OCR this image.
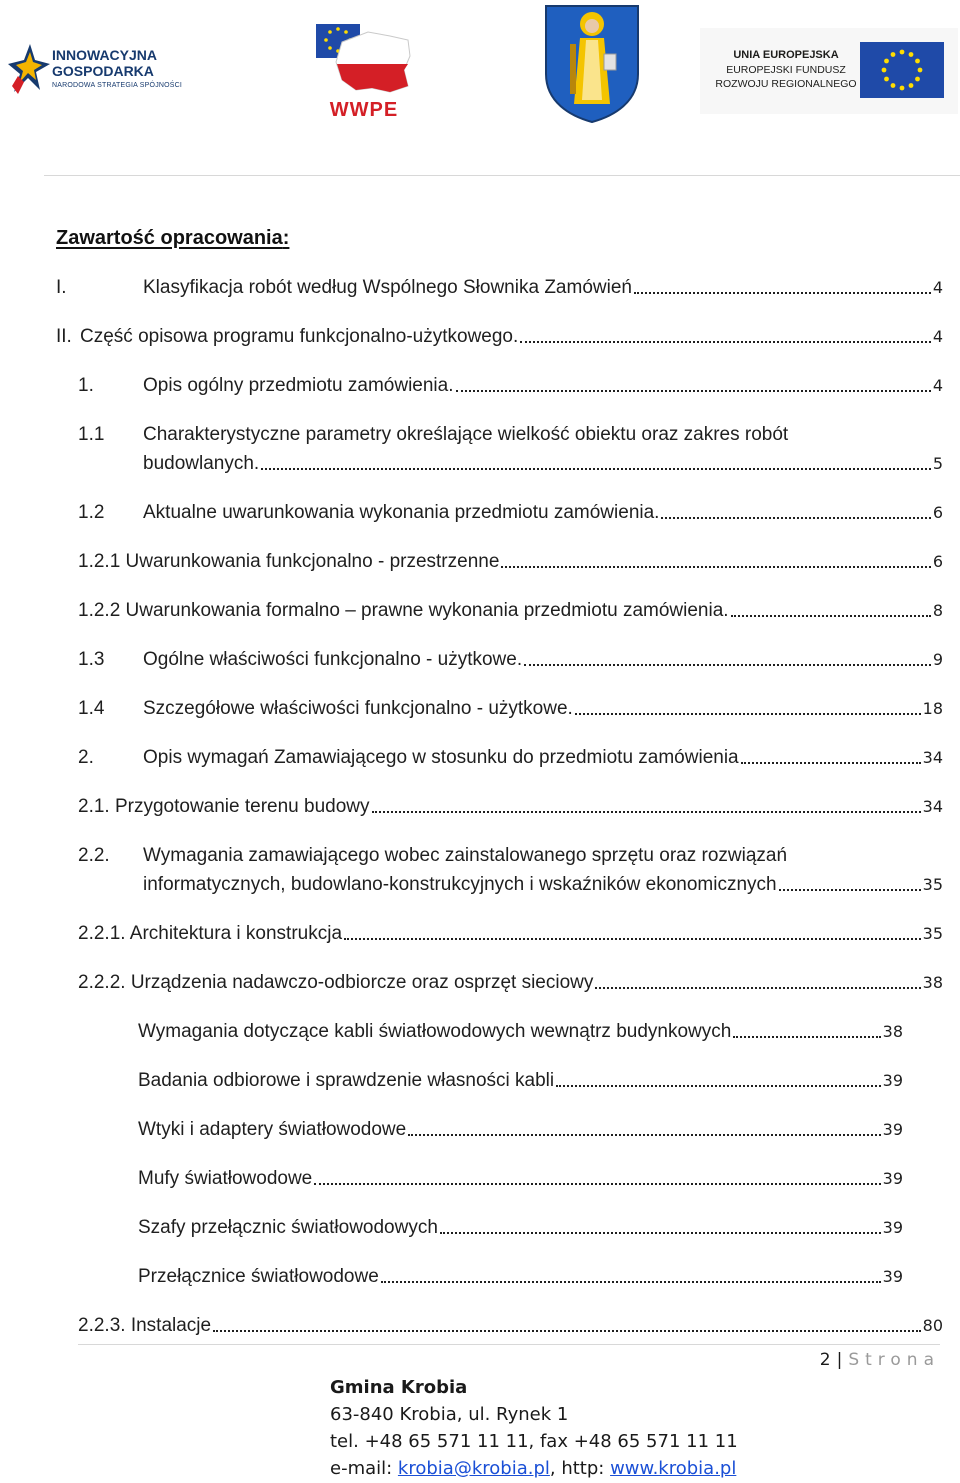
INNOWACYJNA
GOSPODARKA
NARODOWA STRATEGIA SPÓJNOŚCI
WWPE
UNIA EUROPEJSKA
EUROPEJSKI FUNDUSZ
ROZWOJU REGIONALNEGO
Zawartość opracowania:
I.	Klasyfikacja robót według Wspólnego Słownika Zamówień	4
II. Część opisowa programu funkcjonalno-użytkowego.	4
1.	Opis ogólny przedmiotu zamówienia.	4
1.1 Charakterystyczne parametry określające wielkość obiektu oraz zakres robót
budowlanych.	5
1.2	Aktualne uwarunkowania wykonania przedmiotu zamówienia.	6
1.2.1 Uwarunkowania funkcjonalno - przestrzenne	6
1.2.2 Uwarunkowania formalno – prawne wykonania przedmiotu zamówienia.	8
1.3	Ogólne właściwości funkcjonalno - użytkowe.	9
1.4	Szczegółowe właściwości funkcjonalno - użytkowe.	18
2.	Opis wymagań Zamawiającego w stosunku do przedmiotu zamówienia	34
2.1. Przygotowanie terenu budowy	34
2.2. Wymagania zamawiającego wobec zainstalowanego sprzętu oraz rozwiązań
informatycznych, budowlano-konstrukcyjnych i wskaźników ekonomicznych	35
2.2.1. Architektura i konstrukcja	35
2.2.2. Urządzenia nadawczo-odbiorcze oraz osprzęt sieciowy	38
Wymagania dotyczące kabli światłowodowych wewnątrz budynkowych	38
Badania odbiorowe i sprawdzenie własności kabli	39
Wtyki i adaptery światłowodowe	39
Mufy światłowodowe	39
Szafy przełącznic światłowodowych	39
Przełącznice światłowodowe	39
2.2.3. Instalacje	80
2 | Strona
Gmina Krobia
63-840 Krobia, ul. Rynek 1
tel. +48 65 571 11 11, fax +48 65 571 11 11
e-mail: krobia@krobia.pl, http: www.krobia.pl
